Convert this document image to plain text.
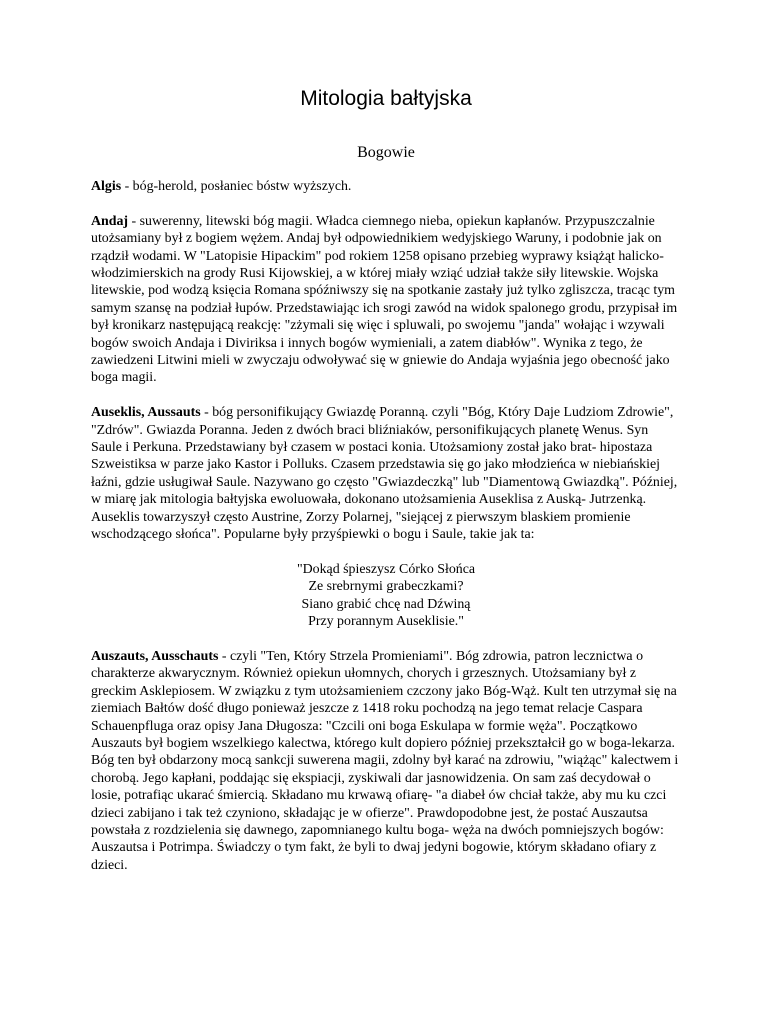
Mitologia bałtyjska
Bogowie

Algis - bóg-herold, posłaniec bóstw wyższych.

Andaj - suwerenny, litewski bóg magii. Władca ciemnego nieba, opiekun kapłanów. Przypuszczalnie utożsamiany był z bogiem wężem. Andaj był odpowiednikiem wedyjskiego Waruny, i podobnie jak on rządził wodami. W "Latopisie Hipackim" pod rokiem 1258 opisano przebieg wyprawy książąt halicko-włodzimierskich na grody Rusi Kijowskiej, a w której miały wziąć udział także siły litewskie. Wojska litewskie, pod wodzą księcia Romana spóźniwszy się na spotkanie zastały już tylko zgliszcza, tracąc tym samym szansę na podział łupów. Przedstawiając ich srogi zawód na widok spalonego grodu, przypisał im był kronikarz następującą reakcję: "zżymali się więc i spluwali, po swojemu "janda" wołając i wzywali bogów swoich Andaja i Diviriksa i innych bogów wymieniali, a zatem diabłów". Wynika z tego, że zawiedzeni Litwini mieli w zwyczaju odwoływać się w gniewie do Andaja wyjaśnia jego obecność jako boga magii.

Auseklis, Aussauts - bóg personifikujący Gwiazdę Poranną. czyli "Bóg, Który Daje Ludziom Zdrowie", "Zdrów". Gwiazda Poranna. Jeden z dwóch braci bliźniaków, personifikujących planetę Wenus. Syn Saule i Perkuna. Przedstawiany był czasem w postaci konia. Utożsamiony został jako brat- hipostaza Szweistiksa w parze jako Kastor i Polluks. Czasem przedstawia się go jako młodzieńca w niebiańskiej łaźni, gdzie usługiwał Saule. Nazywano go często "Gwiazdeczką" lub "Diamentową Gwiazdką". Później, w miarę jak mitologia bałtyjska ewoluowała, dokonano utożsamienia Auseklisa z Auską- Jutrzenką. Auseklis towarzyszył często Austrine, Zorzy Polarnej, "siejącej z pierwszym blaskiem promienie wschodzącego słońca". Popularne były przyśpiewki o bogu i Saule, takie jak ta:

"Dokąd śpieszysz Córko Słońca
Ze srebrnymi grabeczkami?
Siano grabić chcę nad Dźwiną
Przy porannym Auseklisie."

Auszauts, Ausschauts - czyli "Ten, Który Strzela Promieniami". Bóg zdrowia, patron lecznictwa o charakterze akwarycznym. Również opiekun ułomnych, chorych i grzesznych. Utożsamiany był z greckim Asklepiosem. W związku z tym utożsamieniem czczony jako Bóg-Wąż. Kult ten utrzymał się na ziemiach Bałtów dość długo ponieważ jeszcze z 1418 roku pochodzą na jego temat relacje Caspara Schauenpfluga oraz opisy Jana Długosza: "Czcili oni boga Eskulapa w formie węża". Początkowo Auszauts był bogiem wszelkiego kalectwa, którego kult dopiero później przekształcił go w boga-lekarza. Bóg ten był obdarzony mocą sankcji suwerena magii, zdolny był karać na zdrowiu, "wiążąc" kalectwem i chorobą. Jego kapłani, poddając się ekspiacji, zyskiwali dar jasnowidzenia. On sam zaś decydował o losie, potrafiąc ukarać śmiercią. Składano mu krwawą ofiarę- "a diabeł ów chciał także, aby mu ku czci dzieci zabijano i tak też czyniono, składając je w ofierze". Prawdopodobne jest, że postać Auszautsa powstała z rozdzielenia się dawnego, zapomnianego kultu boga- węża na dwóch pomniejszych bogów: Auszautsa i Potrimpa. Świadczy o tym fakt, że byli to dwaj jedyni bogowie, którym składano ofiary z dzieci.
